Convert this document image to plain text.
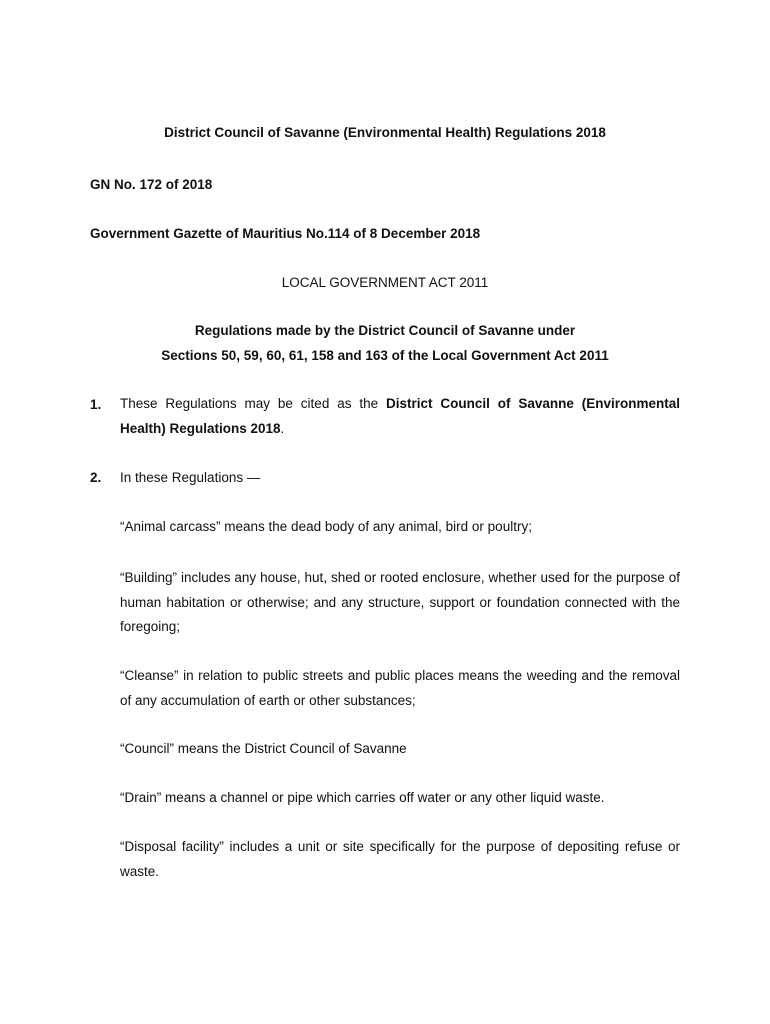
District Council of Savanne (Environmental Health) Regulations 2018
GN No. 172 of 2018
Government Gazette of Mauritius No.114 of 8 December 2018
LOCAL GOVERNMENT ACT 2011
Regulations made by the District Council of Savanne under
Sections 50, 59, 60, 61, 158 and 163 of the Local Government Act 2011
1. These Regulations may be cited as the District Council of Savanne (Environmental Health) Regulations 2018.
2. In these Regulations —
“Animal carcass” means the dead body of any animal, bird or poultry;
“Building” includes any house, hut, shed or rooted enclosure, whether used for the purpose of human habitation or otherwise; and any structure, support or foundation connected with the foregoing;
“Cleanse” in relation to public streets and public places means the weeding and the removal of any accumulation of earth or other substances;
“Council” means the District Council of Savanne
“Drain” means a channel or pipe which carries off water or any other liquid waste.
“Disposal facility” includes a unit or site specifically for the purpose of depositing refuse or waste.
